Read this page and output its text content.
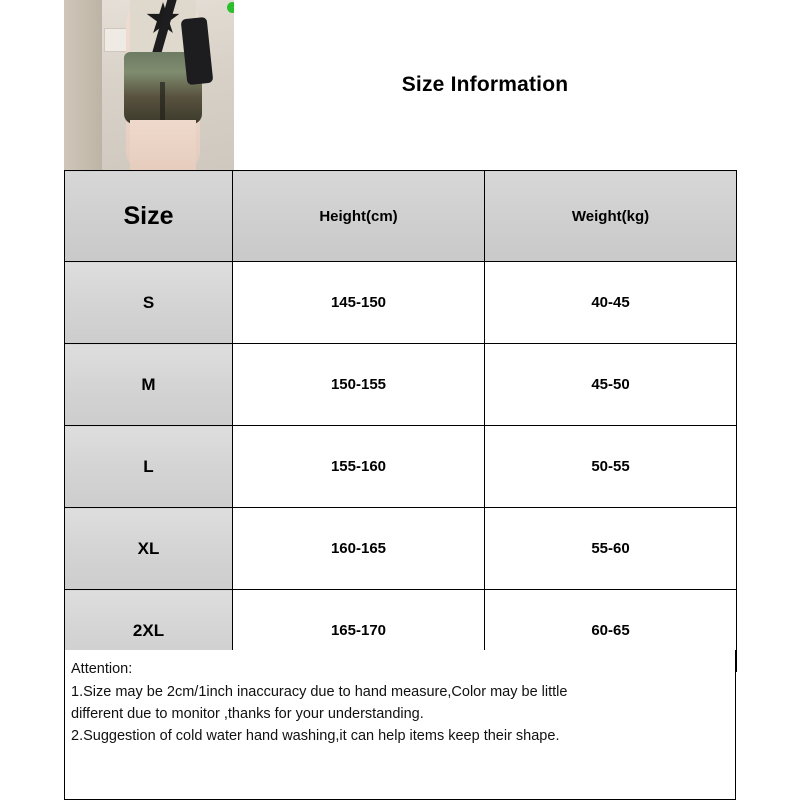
Size Information
Size	Height(cm)	Weight(kg)
S	145-150	40-45
M	150-155	45-50
L	155-160	50-55
XL	160-165	55-60
2XL	165-170	60-65
Attention:
1.Size may be 2cm/1inch inaccuracy due to hand measure,Color may be little
different due to monitor ,thanks for your understanding.
2.Suggestion of cold water hand washing,it can help items keep their shape.
